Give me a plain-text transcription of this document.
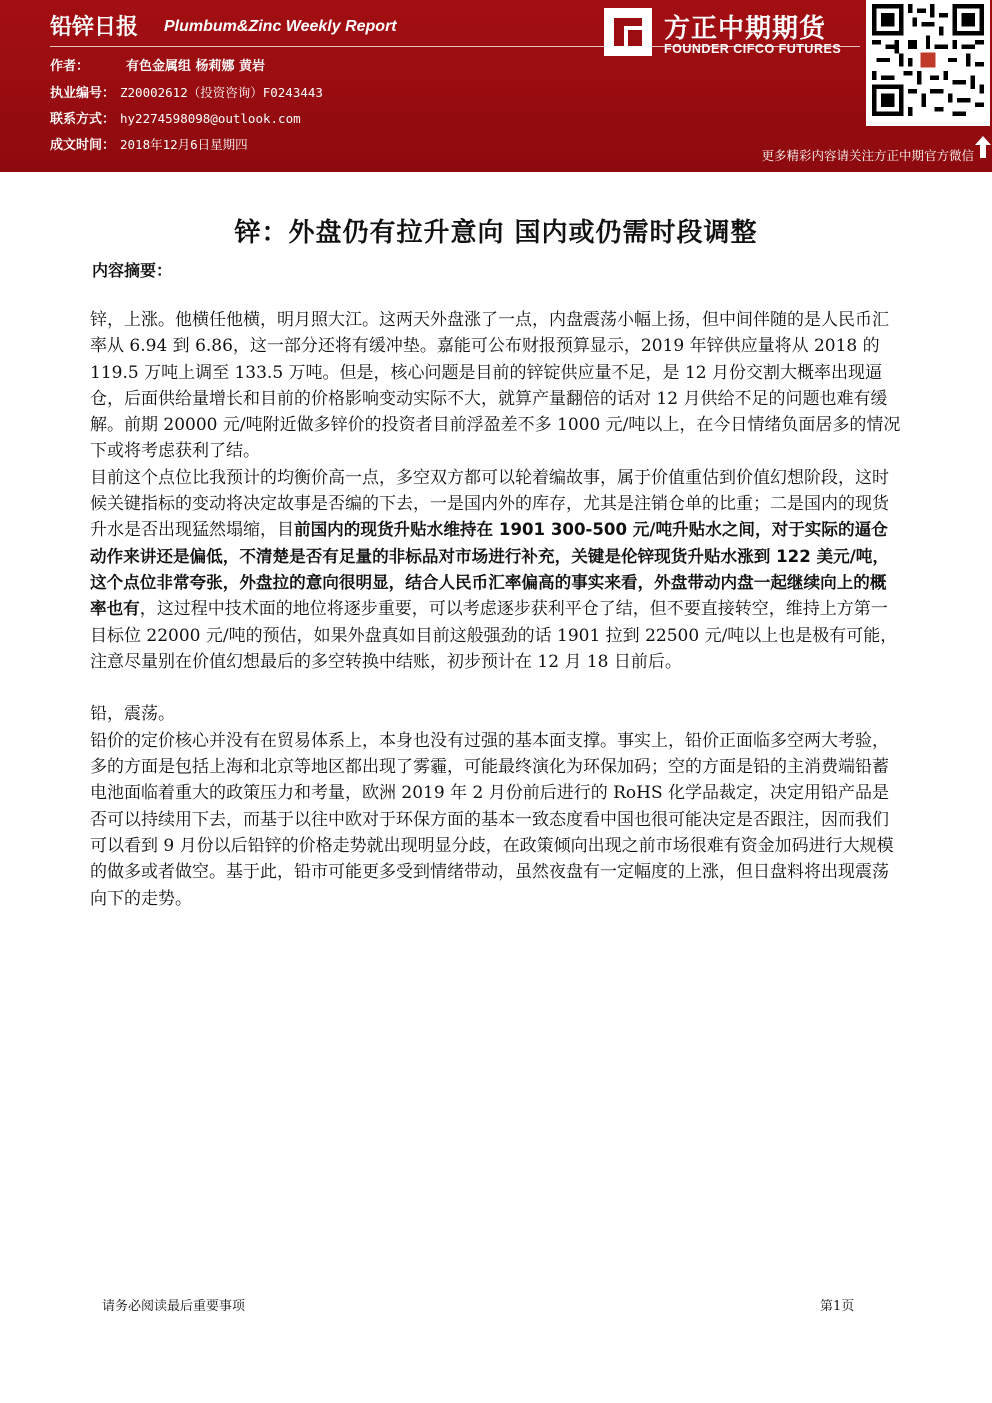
铅锌日报 Plumbum&Zinc Weekly Report
作者：	有色金属组 杨莉娜 黄岩
执业编号： Z20002612（投资咨询）F0243443
联系方式： hy2274598098@outlook.com
成文时间： 2018年12月6日星期四
方正中期期货
FOUNDER CIFCO FUTURES
更多精彩内容请关注方正中期官方微信
锌：外盘仍有拉升意向 国内或仍需时段调整
内容摘要：

锌，上涨。他横任他横，明月照大江。这两天外盘涨了一点，内盘震荡小幅上扬，但中间伴随的是人民币汇率从 6.94 到 6.86，这一部分还将有缓冲垫。嘉能可公布财报预算显示，2019 年锌供应量将从 2018 的 119.5 万吨上调至 133.5 万吨。但是，核心问题是目前的锌锭供应量不足，是 12 月份交割大概率出现逼仓，后面供给量增长和目前的价格影响变动实际不大，就算产量翻倍的话对 12 月供给不足的问题也难有缓解。前期 20000 元/吨附近做多锌价的投资者目前浮盈差不多 1000 元/吨以上，在今日情绪负面居多的情况下或将考虑获利了结。

目前这个点位比我预计的均衡价高一点，多空双方都可以轮着编故事，属于价值重估到价值幻想阶段，这时候关键指标的变动将决定故事是否编的下去，一是国内外的库存，尤其是注销仓单的比重；二是国内的现货升水是否出现猛然塌缩，目前国内的现货升贴水维持在 1901 300-500 元/吨升贴水之间，对于实际的逼仓动作来讲还是偏低，不清楚是否有足量的非标品对市场进行补充，关键是伦锌现货升贴水涨到 122 美元/吨，这个点位非常夸张，外盘拉的意向很明显，结合人民币汇率偏高的事实来看，外盘带动内盘一起继续向上的概率也有，这过程中技术面的地位将逐步重要，可以考虑逐步获利平仓了结，但不要直接转空，维持上方第一目标位 22000 元/吨的预估，如果外盘真如目前这般强劲的话 1901 拉到 22500 元/吨以上也是极有可能，注意尽量别在价值幻想最后的多空转换中结账，初步预计在 12 月 18 日前后。

铅，震荡。

铅价的定价核心并没有在贸易体系上，本身也没有过强的基本面支撑。事实上，铅价正面临多空两大考验，多的方面是包括上海和北京等地区都出现了雾霾，可能最终演化为环保加码；空的方面是铅的主消费端铅蓄电池面临着重大的政策压力和考量，欧洲 2019 年 2 月份前后进行的 RoHS 化学品裁定，决定用铅产品是否可以持续用下去，而基于以往中欧对于环保方面的基本一致态度看中国也很可能决定是否跟注，因而我们可以看到 9 月份以后铅锌的价格走势就出现明显分歧，在政策倾向出现之前市场很难有资金加码进行大规模的做多或者做空。基于此，铅市可能更多受到情绪带动，虽然夜盘有一定幅度的上涨，但日盘料将出现震荡向下的走势。

请务必阅读最后重要事项	第1页
